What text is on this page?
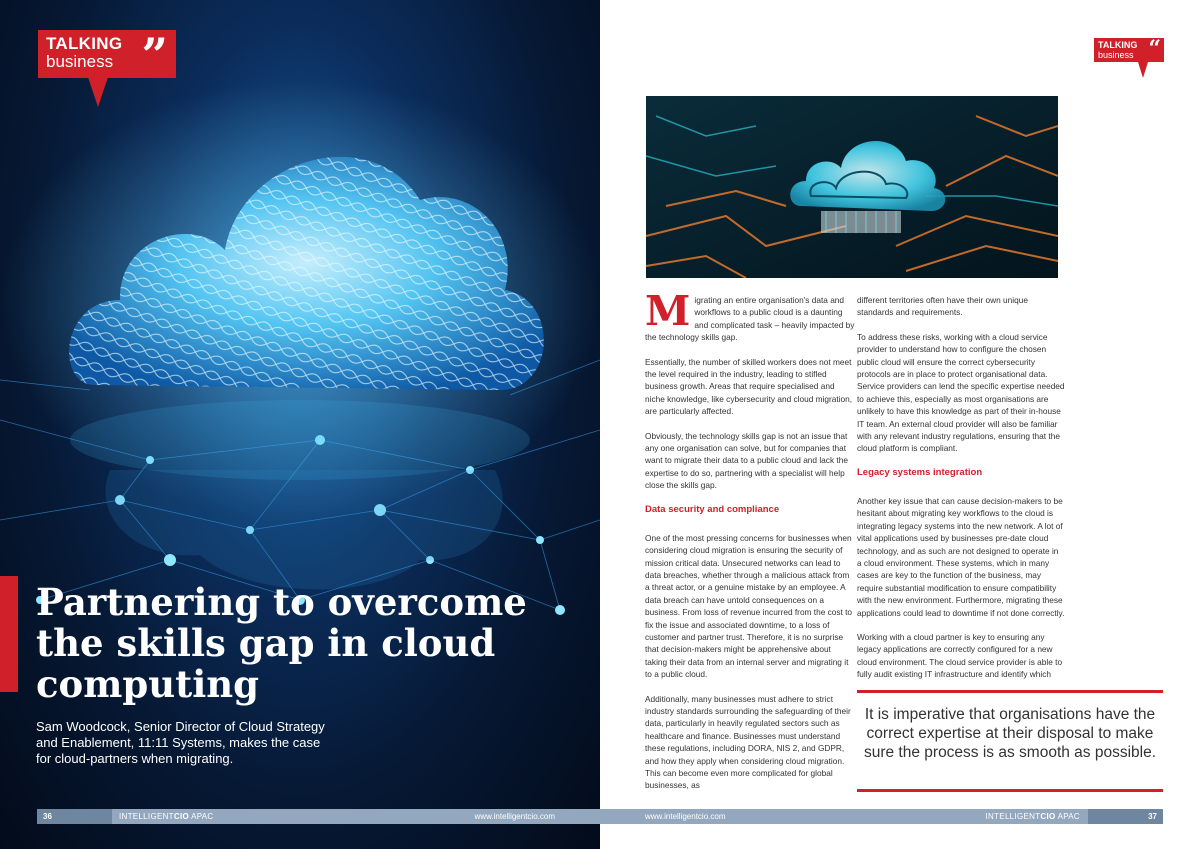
TALKING
business ”
Partnering to overcome the skills gap in cloud computing

Sam Woodcock, Senior Director of Cloud Strategy and Enablement, 11:11 Systems, makes the case for cloud-partners when migrating.

TALKING
business “

Migrating an entire organisation's data and workflows to a public cloud is a daunting and complicated task – heavily impacted by the technology skills gap.

Essentially, the number of skilled workers does not meet the level required in the industry, leading to stifled business growth. Areas that require specialised and niche knowledge, like cybersecurity and cloud migration, are particularly affected.

Obviously, the technology skills gap is not an issue that any one organisation can solve, but for companies that want to migrate their data to a public cloud and lack the expertise to do so, partnering with a specialist will help close the skills gap.

Data security and compliance

One of the most pressing concerns for businesses when considering cloud migration is ensuring the security of mission critical data. Unsecured networks can lead to data breaches, whether through a malicious attack from a threat actor, or a genuine mistake by an employee. A data breach can have untold consequences on a business. From loss of revenue incurred from the cost to fix the issue and associated downtime, to a loss of customer and partner trust. Therefore, it is no surprise that decision-makers might be apprehensive about taking their data from an internal server and migrating it to a public cloud.

Additionally, many businesses must adhere to strict industry standards surrounding the safeguarding of their data, particularly in heavily regulated sectors such as healthcare and finance. Businesses must understand these regulations, including DORA, NIS 2, and GDPR, and how they apply when considering cloud migration. This can become even more complicated for global businesses, as

different territories often have their own unique standards and requirements.

To address these risks, working with a cloud service provider to understand how to configure the chosen public cloud will ensure the correct cybersecurity protocols are in place to protect organisational data. Service providers can lend the specific expertise needed to achieve this, especially as most organisations are unlikely to have this knowledge as part of their in-house IT team. An external cloud provider will also be familiar with any relevant industry regulations, ensuring that the cloud platform is compliant.

Legacy systems integration

Another key issue that can cause decision-makers to be hesitant about migrating key workflows to the cloud is integrating legacy systems into the new network. A lot of vital applications used by businesses pre-date cloud technology, and as such are not designed to operate in a cloud environment. These systems, which in many cases are key to the function of the business, may require substantial modification to ensure compatibility with the new environment. Furthermore, migrating these applications could lead to downtime if not done correctly.

Working with a cloud partner is key to ensuring any legacy applications are correctly configured for a new cloud environment. The cloud service provider is able to fully audit existing IT infrastructure and identify which

It is imperative that organisations have the correct expertise at their disposal to make sure the process is as smooth as possible.

36	INTELLIGENTCIO APAC	www.intelligentcio.com	www.intelligentcio.com	INTELLIGENTCIO APAC	37
